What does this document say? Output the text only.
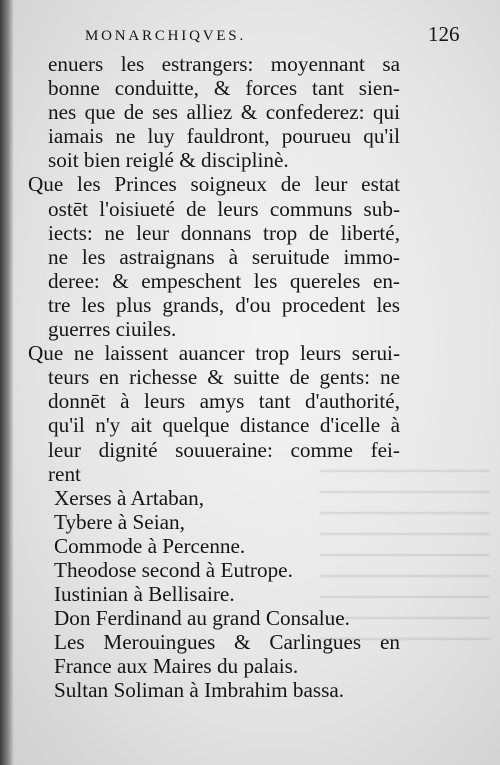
MONARCHIQVES.	126
enuers les estrangers: moyennant sa
bonne conduitte, & forces tant sien-
nes que de ses alliez & confederez: qui
iamais ne luy fauldront, pourueu qu'il
soit bien reiglé & disciplinè.
Que les Princes soigneux de leur estat
ostēt l'oisiueté de leurs communs sub-
iects: ne leur donnans trop de liberté,
ne les astraignans à seruitude immo-
deree: & empeschent les quereles en-
tre les plus grands, d'ou procedent les
guerres ciuiles.
Que ne laissent auancer trop leurs serui-
teurs en richesse & suitte de gents: ne
donnēt à leurs amys tant d'authorité,
qu'il n'y ait quelque distance d'icelle à
leur dignité souueraine: comme fei-
rent
Xerses à Artaban,
Tybere à Seian,
Commode à Percenne.
Theodose second à Eutrope.
Iustinian à Bellisaire.
Don Ferdinand au grand Consalue.
Les Merouingues & Carlingues en
France aux Maires du palais.
Sultan Soliman à Imbrahim bassa.
